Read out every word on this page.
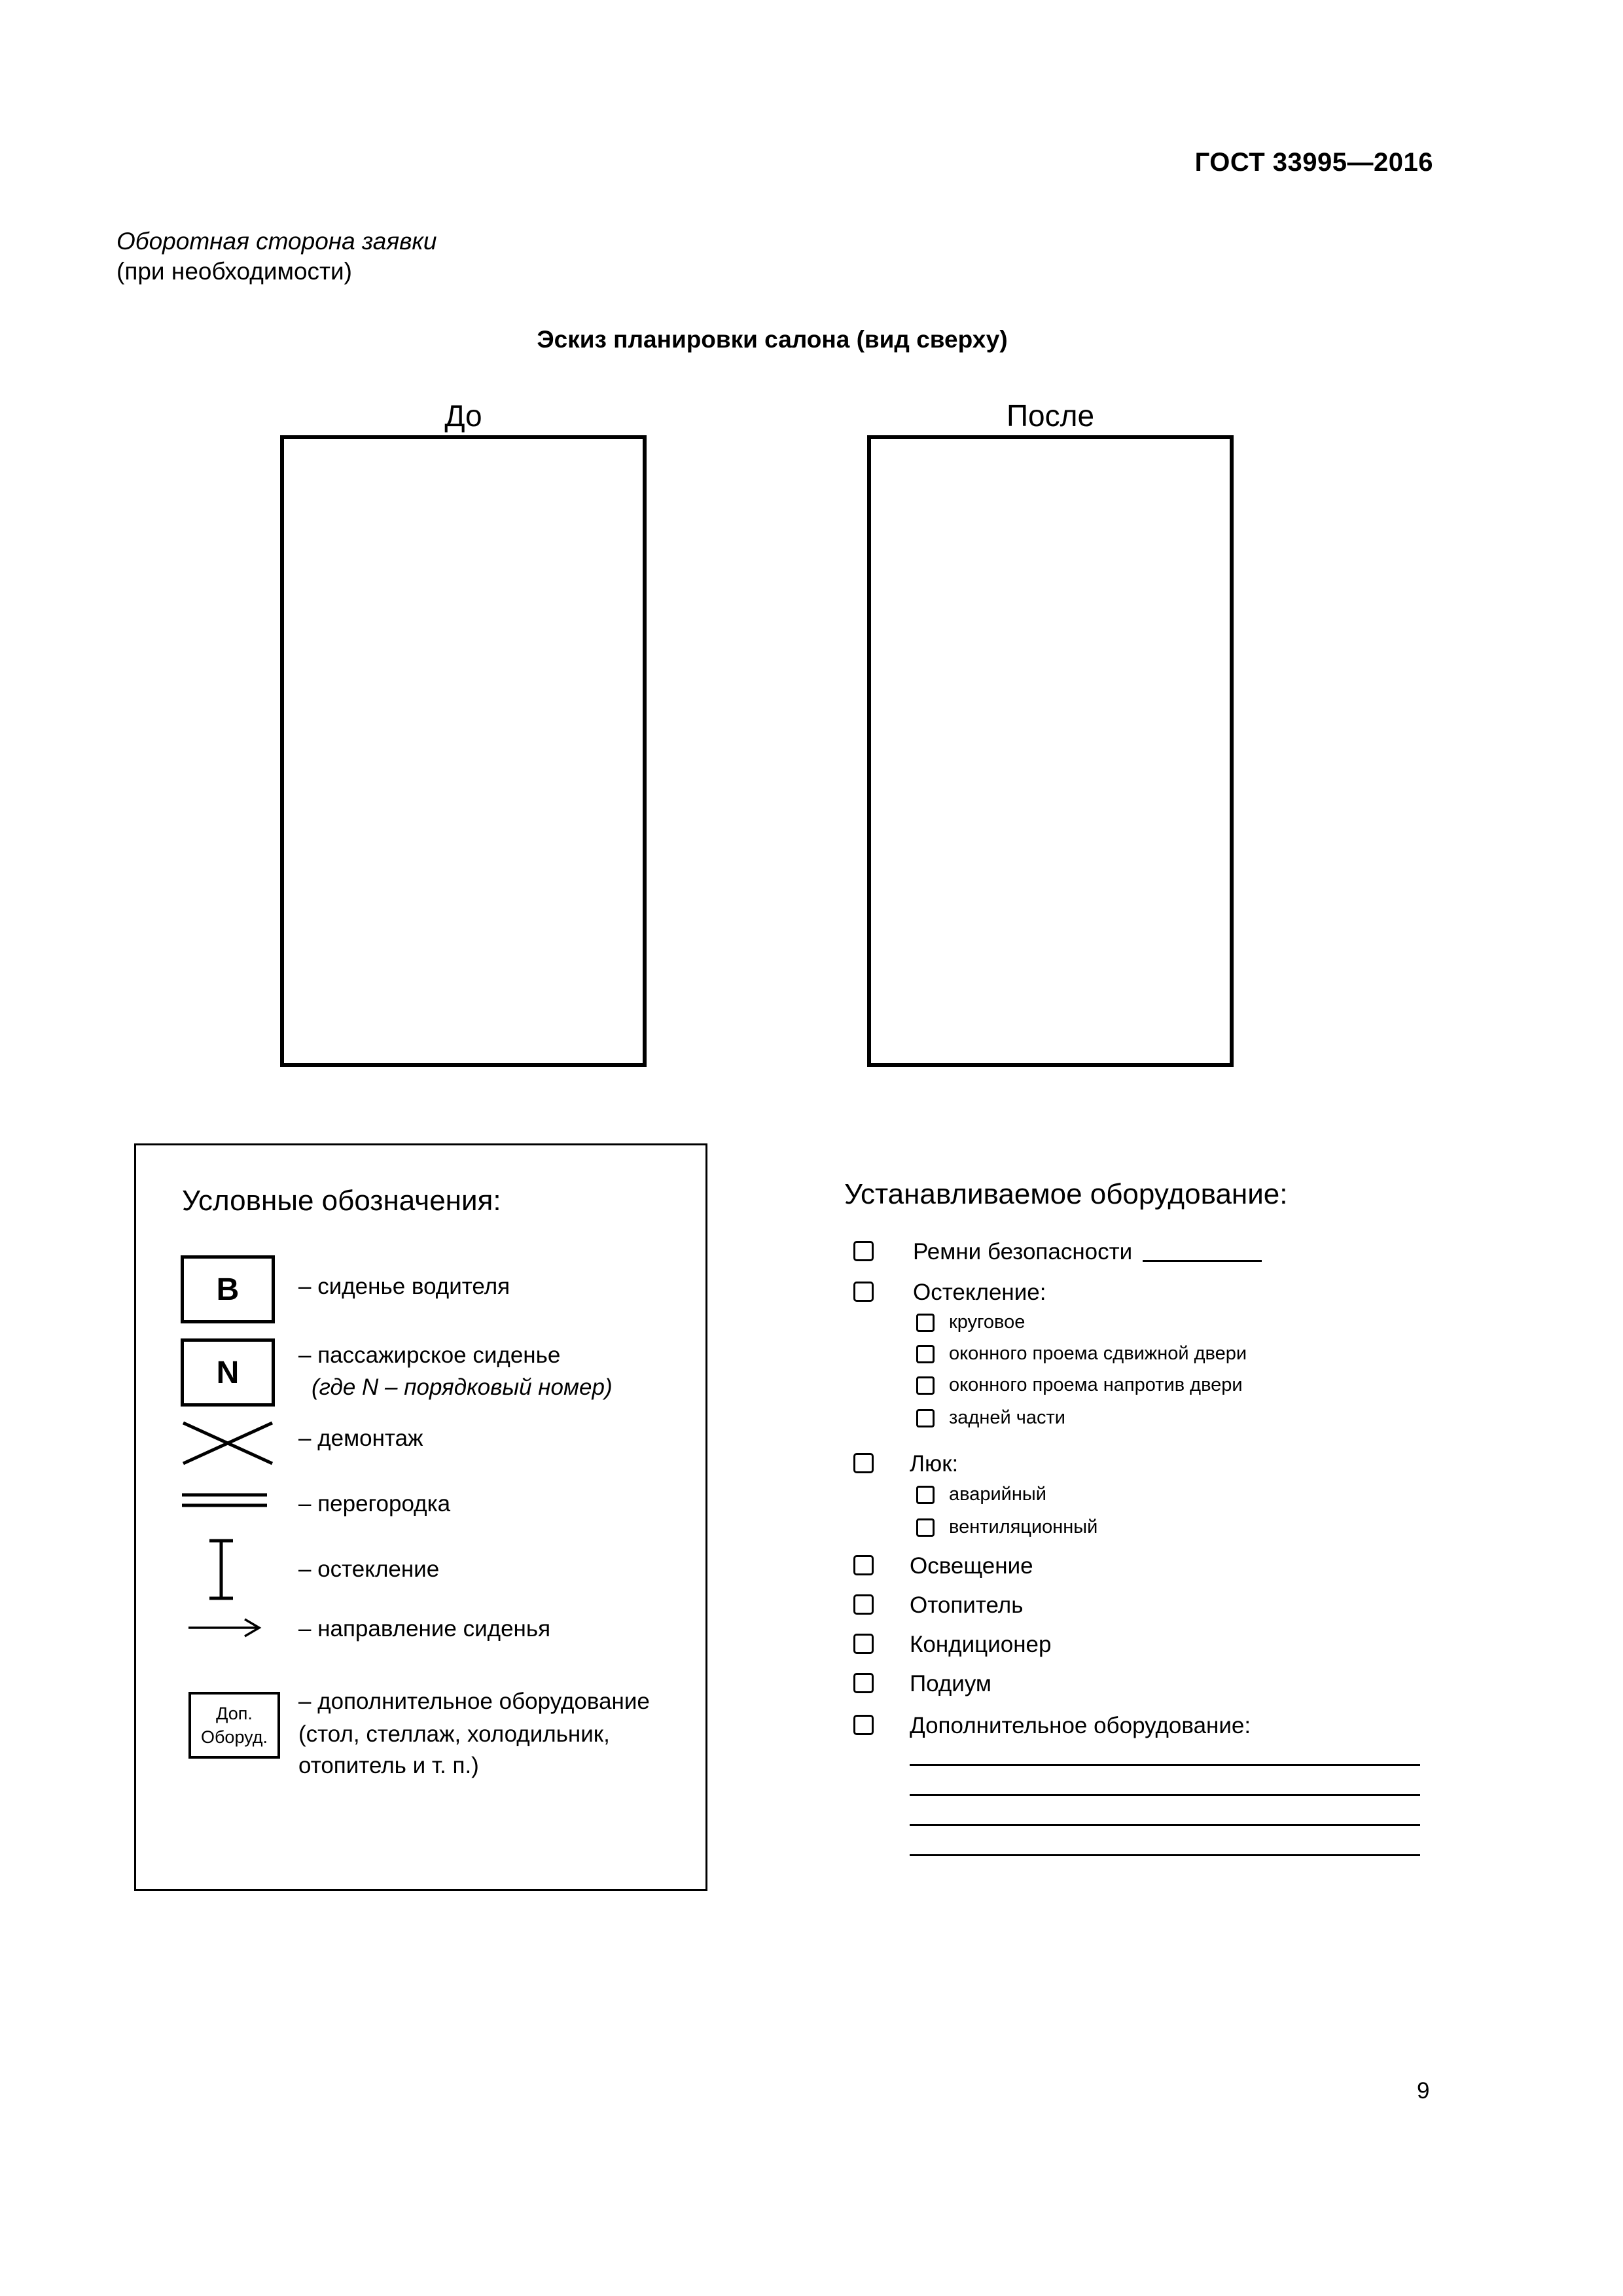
ГОСТ 33995—2016
Оборотная сторона заявки
(при необходимости)
Эскиз планировки салона (вид сверху)
До	После
Условные обозначения:
B	– сиденье водителя
N	– пассажирское сиденье
(где N – порядковый номер)
– демонтаж
– перегородка
– остекление
– направление сиденья
Доп.
Оборуд.
– дополнительное оборудование
(стол, стеллаж, холодильник,
отопитель и т. п.)
Устанавливаемое оборудование:
Ремни безопасности
Остекление:
круговое
оконного проема сдвижной двери
оконного проема напротив двери
задней части
Люк:
аварийный
вентиляционный
Освещение
Отопитель
Кондиционер
Подиум
Дополнительное оборудование:
9
